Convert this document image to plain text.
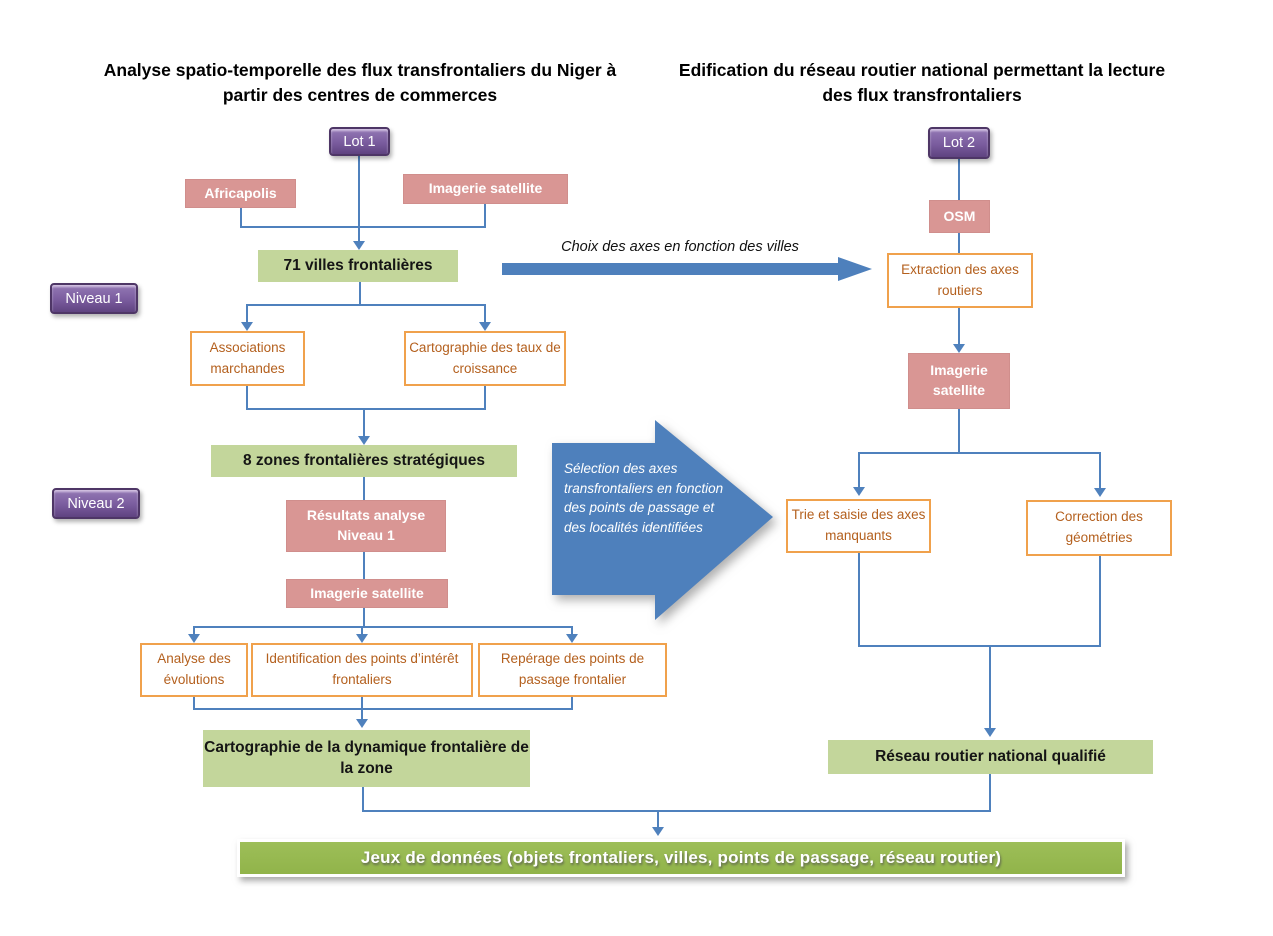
Analyse spatio-temporelle des flux transfrontaliers du Niger à partir des centres de commerces
Edification du réseau routier national permettant la lecture des flux transfrontaliers
Choix des axes en fonction des villes
Sélection des axes transfrontaliers en fonction des points de passage et des localités identifiées
Lot 1	Lot 2
Niveau 1
Niveau 2
Africapolis	Imagerie satellite
OSM
Résultats analyse Niveau 1
Imagerie satellite
Imagerie satellite
71 villes frontalières
8 zones frontalières stratégiques
Cartographie de la dynamique frontalière de la zone
Réseau routier national qualifié
Associations marchandes
Cartographie des taux de croissance
Extraction des axes routiers
Trie et saisie des axes manquants
Correction des géométries
Analyse des évolutions
Identification des points d’intérêt frontaliers
Repérage des points de passage frontalier
Jeux de données (objets frontaliers, villes, points de passage, réseau routier)
